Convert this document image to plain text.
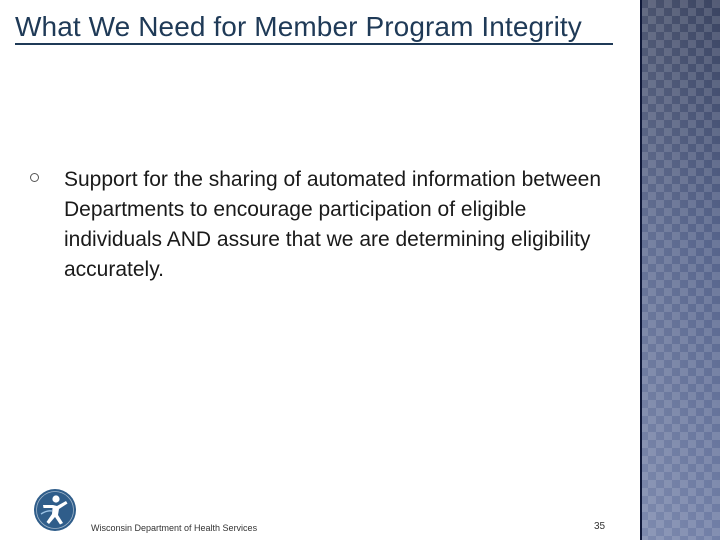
What We Need for Member Program Integrity
Support for the sharing of automated information between Departments to encourage participation of eligible individuals AND assure that we are determining eligibility accurately.
Wisconsin Department of Health Services	35
